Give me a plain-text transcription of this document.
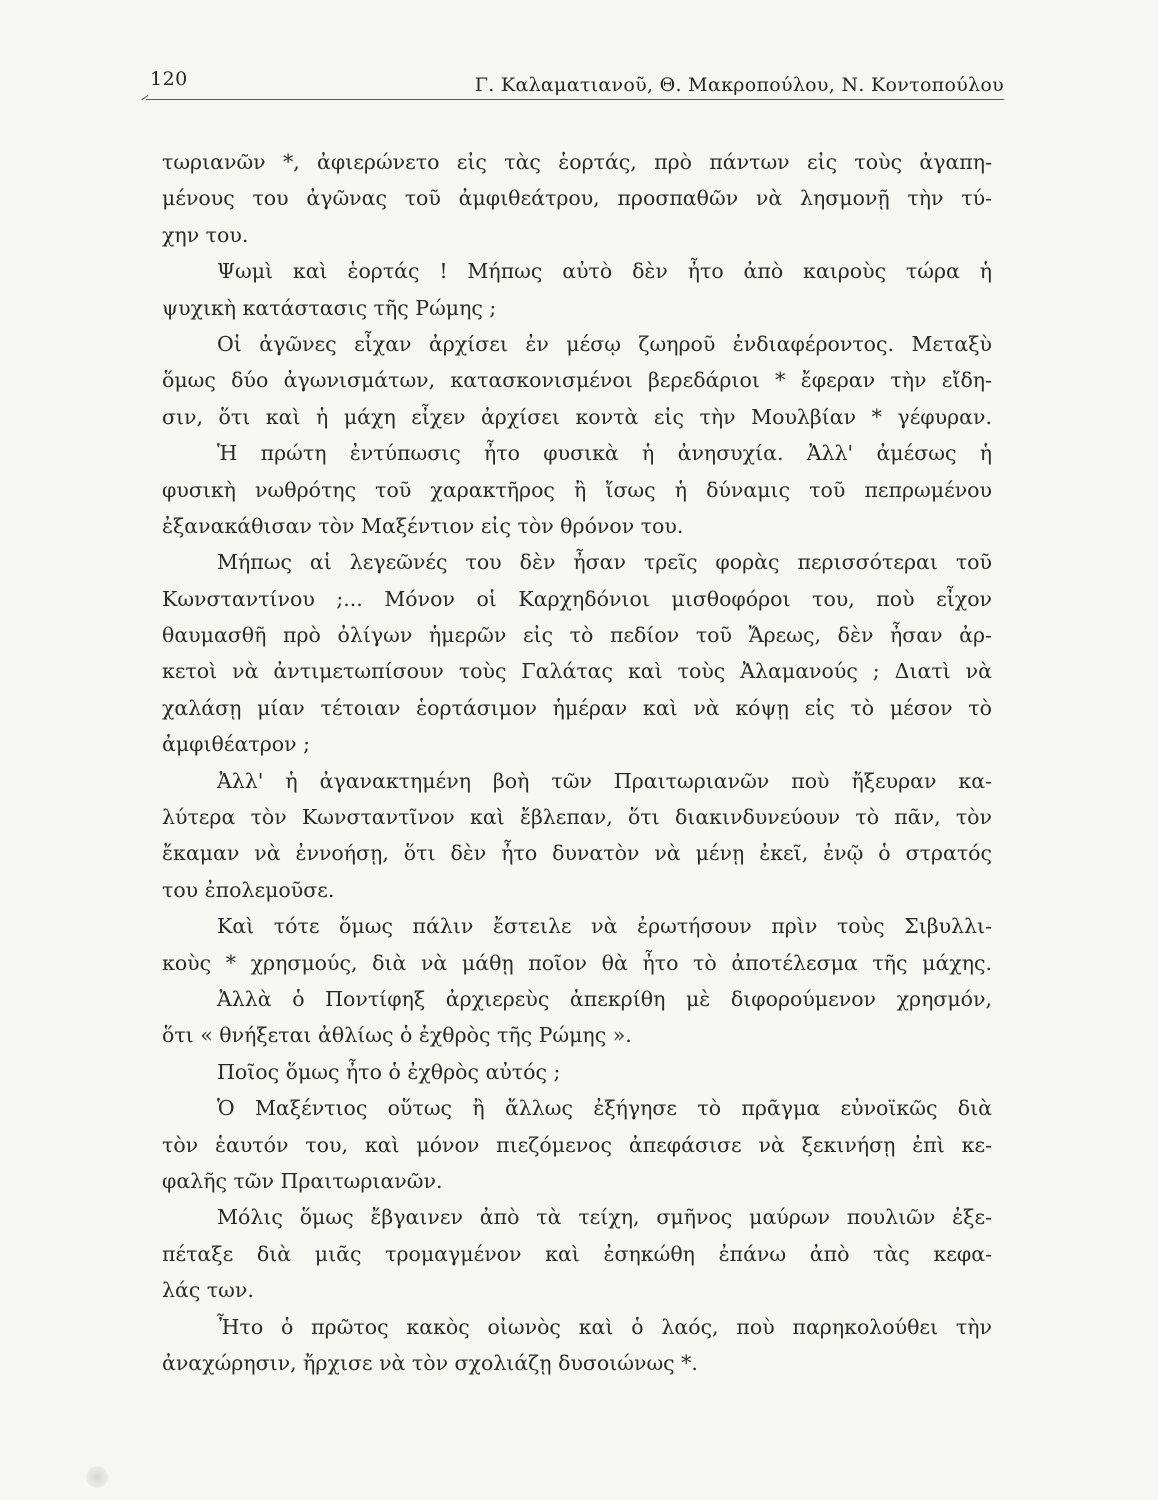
120	Γ. Καλαματιανοῦ, Θ. Μακροπούλου, Ν. Κοντοπούλου
τωριανῶν *, ἀφιερώνετο εἰς τὰς ἑορτάς, πρὸ πάντων εἰς τοὺς ἀγαπη-
μένους του ἀγῶνας τοῦ ἀμφιθεάτρου, προσπαθῶν νὰ λησμονῇ τὴν τύ-
χην του.
Ψωμὶ καὶ ἑορτάς ! Μήπως αὐτὸ δὲν ἦτο ἀπὸ καιροὺς τώρα ἡ
ψυχικὴ κατάστασις τῆς Ρώμης ;
Οἱ ἀγῶνες εἶχαν ἀρχίσει ἐν μέσῳ ζωηροῦ ἐνδιαφέροντος. Μεταξὺ
ὅμως δύο ἀγωνισμάτων, κατασκονισμένοι βερεδάριοι * ἔφεραν τὴν εἴδη-
σιν, ὅτι καὶ ἡ μάχη εἶχεν ἀρχίσει κοντὰ εἰς τὴν Μουλβίαν * γέφυραν.
Ἡ πρώτη ἐντύπωσις ἦτο φυσικὰ ἡ ἀνησυχία. Ἀλλ' ἀμέσως ἡ
φυσικὴ νωθρότης τοῦ χαρακτῆρος ἢ ἴσως ἡ δύναμις τοῦ πεπρωμένου
ἐξανακάθισαν τὸν Μαξέντιον εἰς τὸν θρόνον του.
Μήπως αἱ λεγεῶνές του δὲν ἦσαν τρεῖς φορὰς περισσότεραι τοῦ
Κωνσταντίνου ;... Μόνον οἱ Καρχηδόνιοι μισθοφόροι του, ποὺ εἶχον
θαυμασθῆ πρὸ ὀλίγων ἡμερῶν εἰς τὸ πεδίον τοῦ Ἄρεως, δὲν ἦσαν ἀρ-
κετοὶ νὰ ἀντιμετωπίσουν τοὺς Γαλάτας καὶ τοὺς Ἀλαμανούς ; Διατὶ νὰ
χαλάσῃ μίαν τέτοιαν ἑορτάσιμον ἡμέραν καὶ νὰ κόψῃ εἰς τὸ μέσον τὸ
ἀμφιθέατρον ;
Ἀλλ' ἡ ἀγανακτημένη βοὴ τῶν Πραιτωριανῶν ποὺ ἤξευραν κα-
λύτερα τὸν Κωνσταντῖνον καὶ ἔβλεπαν, ὅτι διακινδυνεύουν τὸ πᾶν, τὸν
ἔκαμαν νὰ ἐννοήσῃ, ὅτι δὲν ἦτο δυνατὸν νὰ μένῃ ἐκεῖ, ἐνῷ ὁ στρατός
του ἐπολεμοῦσε.
Καὶ τότε ὅμως πάλιν ἔστειλε νὰ ἐρωτήσουν πρὶν τοὺς Σιβυλλι-
κοὺς * χρησμούς, διὰ νὰ μάθῃ ποῖον θὰ ἦτο τὸ ἀποτέλεσμα τῆς μάχης.
Ἀλλὰ ὁ Ποντίφηξ ἀρχιερεὺς ἀπεκρίθη μὲ διφορούμενον χρησμόν,
ὅτι « θνήξεται ἀθλίως ὁ ἐχθρὸς τῆς Ρώμης ».
Ποῖος ὅμως ἦτο ὁ ἐχθρὸς αὐτός ;
Ὁ Μαξέντιος οὕτως ἢ ἄλλως ἐξήγησε τὸ πρᾶγμα εὐνοϊκῶς διὰ
τὸν ἑαυτόν του, καὶ μόνον πιεζόμενος ἀπεφάσισε νὰ ξεκινήσῃ ἐπὶ κε-
φαλῆς τῶν Πραιτωριανῶν.
Μόλις ὅμως ἔβγαινεν ἀπὸ τὰ τείχη, σμῆνος μαύρων πουλιῶν ἐξε-
πέταξε διὰ μιᾶς τρομαγμένον καὶ ἐσηκώθη ἐπάνω ἀπὸ τὰς κεφα-
λάς των.
Ἦτο ὁ πρῶτος κακὸς οἰωνὸς καὶ ὁ λαός, ποὺ παρηκολούθει τὴν
ἀναχώρησιν, ἤρχισε νὰ τὸν σχολιάζῃ δυσοιώνως *.
